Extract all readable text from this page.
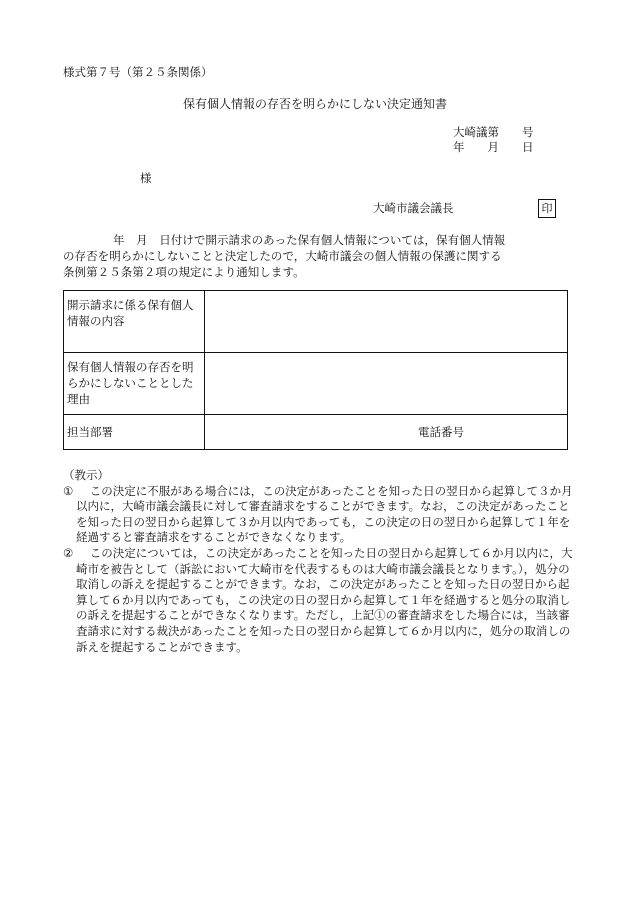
様式第７号（第２５条関係）
保有個人情報の存否を明らかにしない決定通知書
大崎議第　　号
年　　月　　日
様
大崎市議会議長	印
年　月　日付けで開示請求のあった保有個人情報については，保有個人情報
の存否を明らかにしないことと決定したので，大崎市議会の個人情報の保護に関する
条例第２５条第２項の規定により通知します。
開示請求に係る保有個人情報の内容	
保有個人情報の存否を明らかにしないこととした理由	
担当部署	電話番号
（教示）
①	この決定に不服がある場合には，この決定があったことを知った日の翌日から起算して３か月以内に，大崎市議会議長に対して審査請求をすることができます。なお，この決定があったことを知った日の翌日から起算して３か月以内であっても，この決定の日の翌日から起算して１年を経過すると審査請求をすることができなくなります。
②	この決定については，この決定があったことを知った日の翌日から起算して６か月以内に，大崎市を被告として（訴訟において大崎市を代表するものは大崎市議会議長となります。），処分の取消しの訴えを提起することができます。なお，この決定があったことを知った日の翌日から起算して６か月以内であっても，この決定の日の翌日から起算して１年を経過すると処分の取消しの訴えを提起することができなくなります。ただし，上記①の審査請求をした場合には，当該審査請求に対する裁決があったことを知った日の翌日から起算して６か月以内に，処分の取消しの訴えを提起することができます。
